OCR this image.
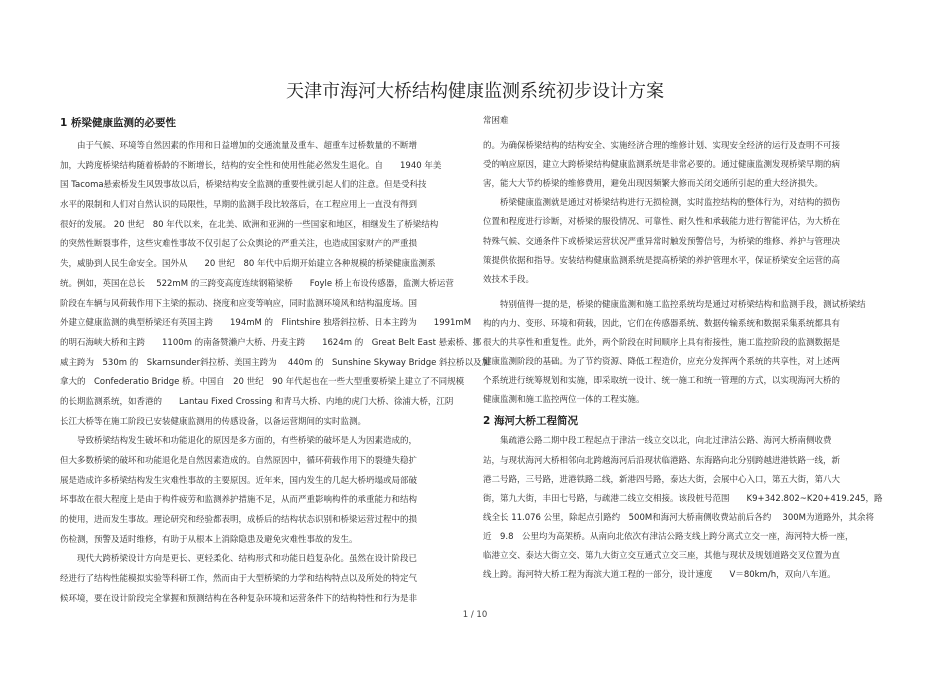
天津市海河大桥结构健康监测系统初步设计方案

1 桥梁健康监测的必要性

　　由于气候、环境等自然因素的作用和日益增加的交通流量及重车、超重车过桥数量的不断增

加，大跨度桥梁结构随着桥龄的不断增长，结构的安全性和使用性能必然发生退化。自　　1940 年美

国 Tacoma悬索桥发生风毁事故以后，桥梁结构安全监测的重要性就引起人们的注意。但是受科技

水平的限制和人们对自然认识的局限性，早期的监测手段比较落后，在工程应用上一直没有得到

很好的发展。 20 世纪　80 年代以来，在北美、欧洲和亚洲的一些国家和地区，相继发生了桥梁结构

的突然性断裂事件，这些灾难性事故不仅引起了公众舆论的严重关注，也造成国家财产的严重损

失，威胁到人民生命安全。国外从　　20 世纪　80 年代中后期开始建立各种规模的桥梁健康监测系

统。例如，英国在总长　 522mM 的三跨变高度连续钢箱梁桥　　Foyle 桥上布设传感器，监测大桥运营

阶段在车辆与风荷载作用下主梁的振动、挠度和应变等响应，同时监测环境风和结构温度场。国

外建立健康监测的典型桥梁还有英国主跨　　194mM 的　Flintshire 独塔斜拉桥、日本主跨为　　1991mM

的明石海峡大桥和主跨　　1100m 的南备赞濑户大桥、丹麦主跨　　1624m 的　Great Belt East 悬索桥、挪

威主跨为　530m 的　Skarnsunder斜拉桥、美国主跨为　 440m 的　Sunshine Skyway Bridge 斜拉桥以及加

拿大的　Confederatio Bridge 桥。中国自　20 世纪　90 年代起也在一些大型重要桥梁上建立了不同规模

的长期监测系统，如香港的　　Lantau Fixed Crossing 和青马大桥、内地的虎门大桥、徐浦大桥，江阴

长江大桥等在施工阶段已安装健康监测用的传感设备，以备运营期间的实时监测。

　　导致桥梁结构发生破坏和功能退化的原因是多方面的，有些桥梁的破坏是人为因素造成的，

但大多数桥梁的破坏和功能退化是自然因素造成的。自然原因中，循环荷载作用下的裂缝失稳扩

展是造成许多桥梁结构发生灾难性事故的主要原因。近年来，国内发生的几起大桥坍塌或局部破

坏事故在很大程度上是由于构件疲劳和监测养护措施不足，从而严重影响构件的承重能力和结构

的使用，进而发生事故。理论研究和经验都表明，成桥后的结构状态识别和桥梁运营过程中的损

伤检测，预警及适时维修，有助于从根本上消除隐患及避免灾难性事故的发生。

　　现代大跨桥梁设计方向是更长、更轻柔化、结构形式和功能日趋复杂化。虽然在设计阶段已

经进行了结构性能模拟实验等科研工作，然而由于大型桥梁的力学和结构特点以及所处的特定气

候环境，要在设计阶段完全掌握和预测结构在各种复杂环境和运营条件下的结构特性和行为是非

常困难

的。为确保桥梁结构的结构安全、实施经济合理的维修计划、实现安全经济的运行及查明不可接

受的响应原因，建立大跨桥梁结构健康监测系统是非常必要的。通过健康监测发现桥梁早期的病

害，能大大节约桥梁的维修费用，避免出现因频繁大修而关闭交通所引起的重大经济损失。

　　桥梁健康监测就是通过对桥梁结构进行无损检测，实时监控结构的整体行为，对结构的损伤

位置和程度进行诊断，对桥梁的服役情况、可靠性、耐久性和承载能力进行智能评估，为大桥在

特殊气候、交通条件下或桥梁运营状况严重异常时触发预警信号，为桥梁的维修、养护与管理决

策提供依据和指导。安装结构健康监测系统是提高桥梁的养护管理水平，保证桥梁安全运营的高

效技术手段。

　　特别值得一提的是，桥梁的健康监测和施工监控系统均是通过对桥梁结构和监测手段，测试桥梁结

构的内力、变形、环境和荷载，因此，它们在传感器系统、数据传输系统和数据采集系统都具有

很大的共享性和重复性。此外，两个阶段在时间顺序上具有衔接性，施工监控阶段的监测数据是

健康监测阶段的基础。为了节约资源、降低工程造价，应充分发挥两个系统的共享性，对上述两

个系统进行统筹规划和实施，即采取统一设计、统一施工和统一管理的方式，以实现海河大桥的

健康监测和施工监控两位一体的工程实施。

2 海河大桥工程简况

　　集疏港公路二期中段工程起点于津沽一线立交以北，向北过津沽公路、海河大桥南侧收费

站，与现状海河大桥相邻向北跨越海河后沿现状临港路、东海路向北分别跨越进港铁路一线，新

港二号路，三号路，进港铁路二线，新港四号路，泰达大街，会展中心入口，第五大街，第八大

街，第九大街，丰田七号路，与疏港二线立交相接。该段桩号范围　　K9+342.802~K20+419.245，路

线全长 11.076 公里，除起点引路约　500M和海河大桥南侧收费站前后各约　 300M为道路外，其余将

近　9.8　公里均为高架桥。从南向北依次有津沽公路支线上跨分离式立交一座，海河特大桥一座，

临港立交、泰达大街立交、第九大街立交互通式立交三座，其他与现状及规划道路交叉位置为直

线上跨。海河特大桥工程为海滨大道工程的一部分，设计速度　　V＝80km/h，双向八车道。

1 / 10
